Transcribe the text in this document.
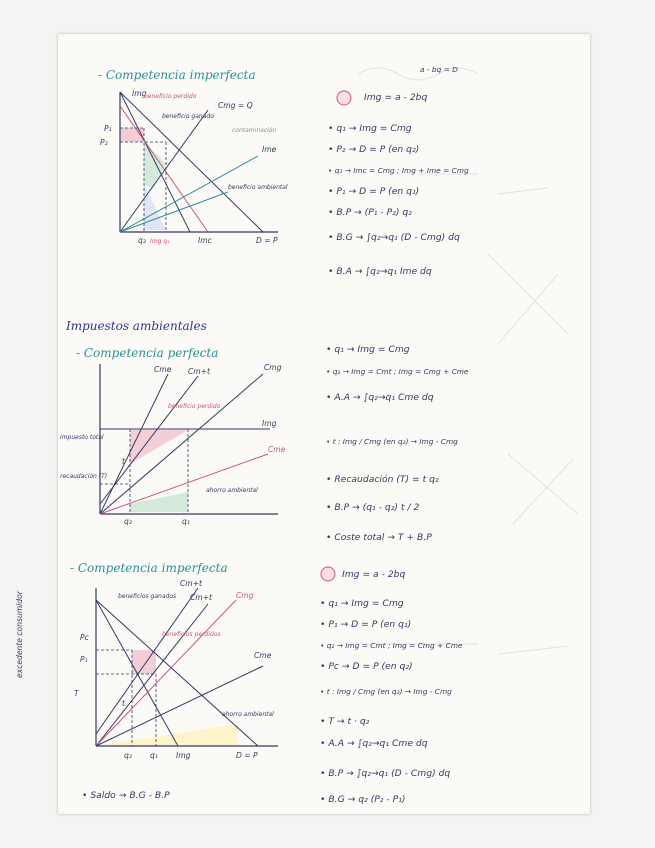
- Competencia imperfecta
Impuestos ambientales
- Competencia perfecta
- Competencia imperfecta
Cmg = Q
contaminación
Ime
Img
beneficio perdido
beneficio ganado
beneficio ambiental
P₁
P₂
q₂ Img q₁	Imc	D = P
Cme Cm+t	Cmg
Img
Cme
beneficio perdido
impuesto total
recaudación (T)
t
ahorro ambiental
q₂	q₁
Cm+t
Cm+t	Cmg
beneficios ganados
beneficios perdidos
Cme
excedente consumidor	Pc
P₁
T
t
ahorro ambiental
q₂ q₁ Img	D = P
a - bq = D
Img = a - 2bq
• q₁ → Img = Cmg
• P₂ → D = P (en q₂)
• q₁ → Imc = Cmg ; Img + Ime = Cmg
• P₁ → D = P (en q₁)
• B.P → (P₁ - P₂) q₂
• B.G → ∫q₂→q₁ (D - Cmg) dq
• B.A → ∫q₂→q₁ Ime dq
• q₁ → Img = Cmg
• q₂ → Img = Cmt ; Img = Cmg + Cme
• A.A → ∫q₂→q₁ Cme dq
• t : Img / Cmg (en q₂) → Img - Cmg
• Recaudación (T) = t q₂
• B.P → (q₁ - q₂) t / 2
• Coste total → T + B.P
Img = a - 2bq
• q₁ → Img = Cmg
• P₁ → D = P (en q₁)
• q₂ → Img = Cmt ; Img = Cmg + Cme
• Pc → D = P (en q₂)
• t : Img / Cmg (en q₂) → Img - Cmg
• T → t · q₂
• A.A → ∫q₂→q₁ Cme dq
• B.P → ∫q₂→q₁ (D - Cmg) dq
• B.G → q₂ (P₂ - P₁)
• Saldo → B.G - B.P
